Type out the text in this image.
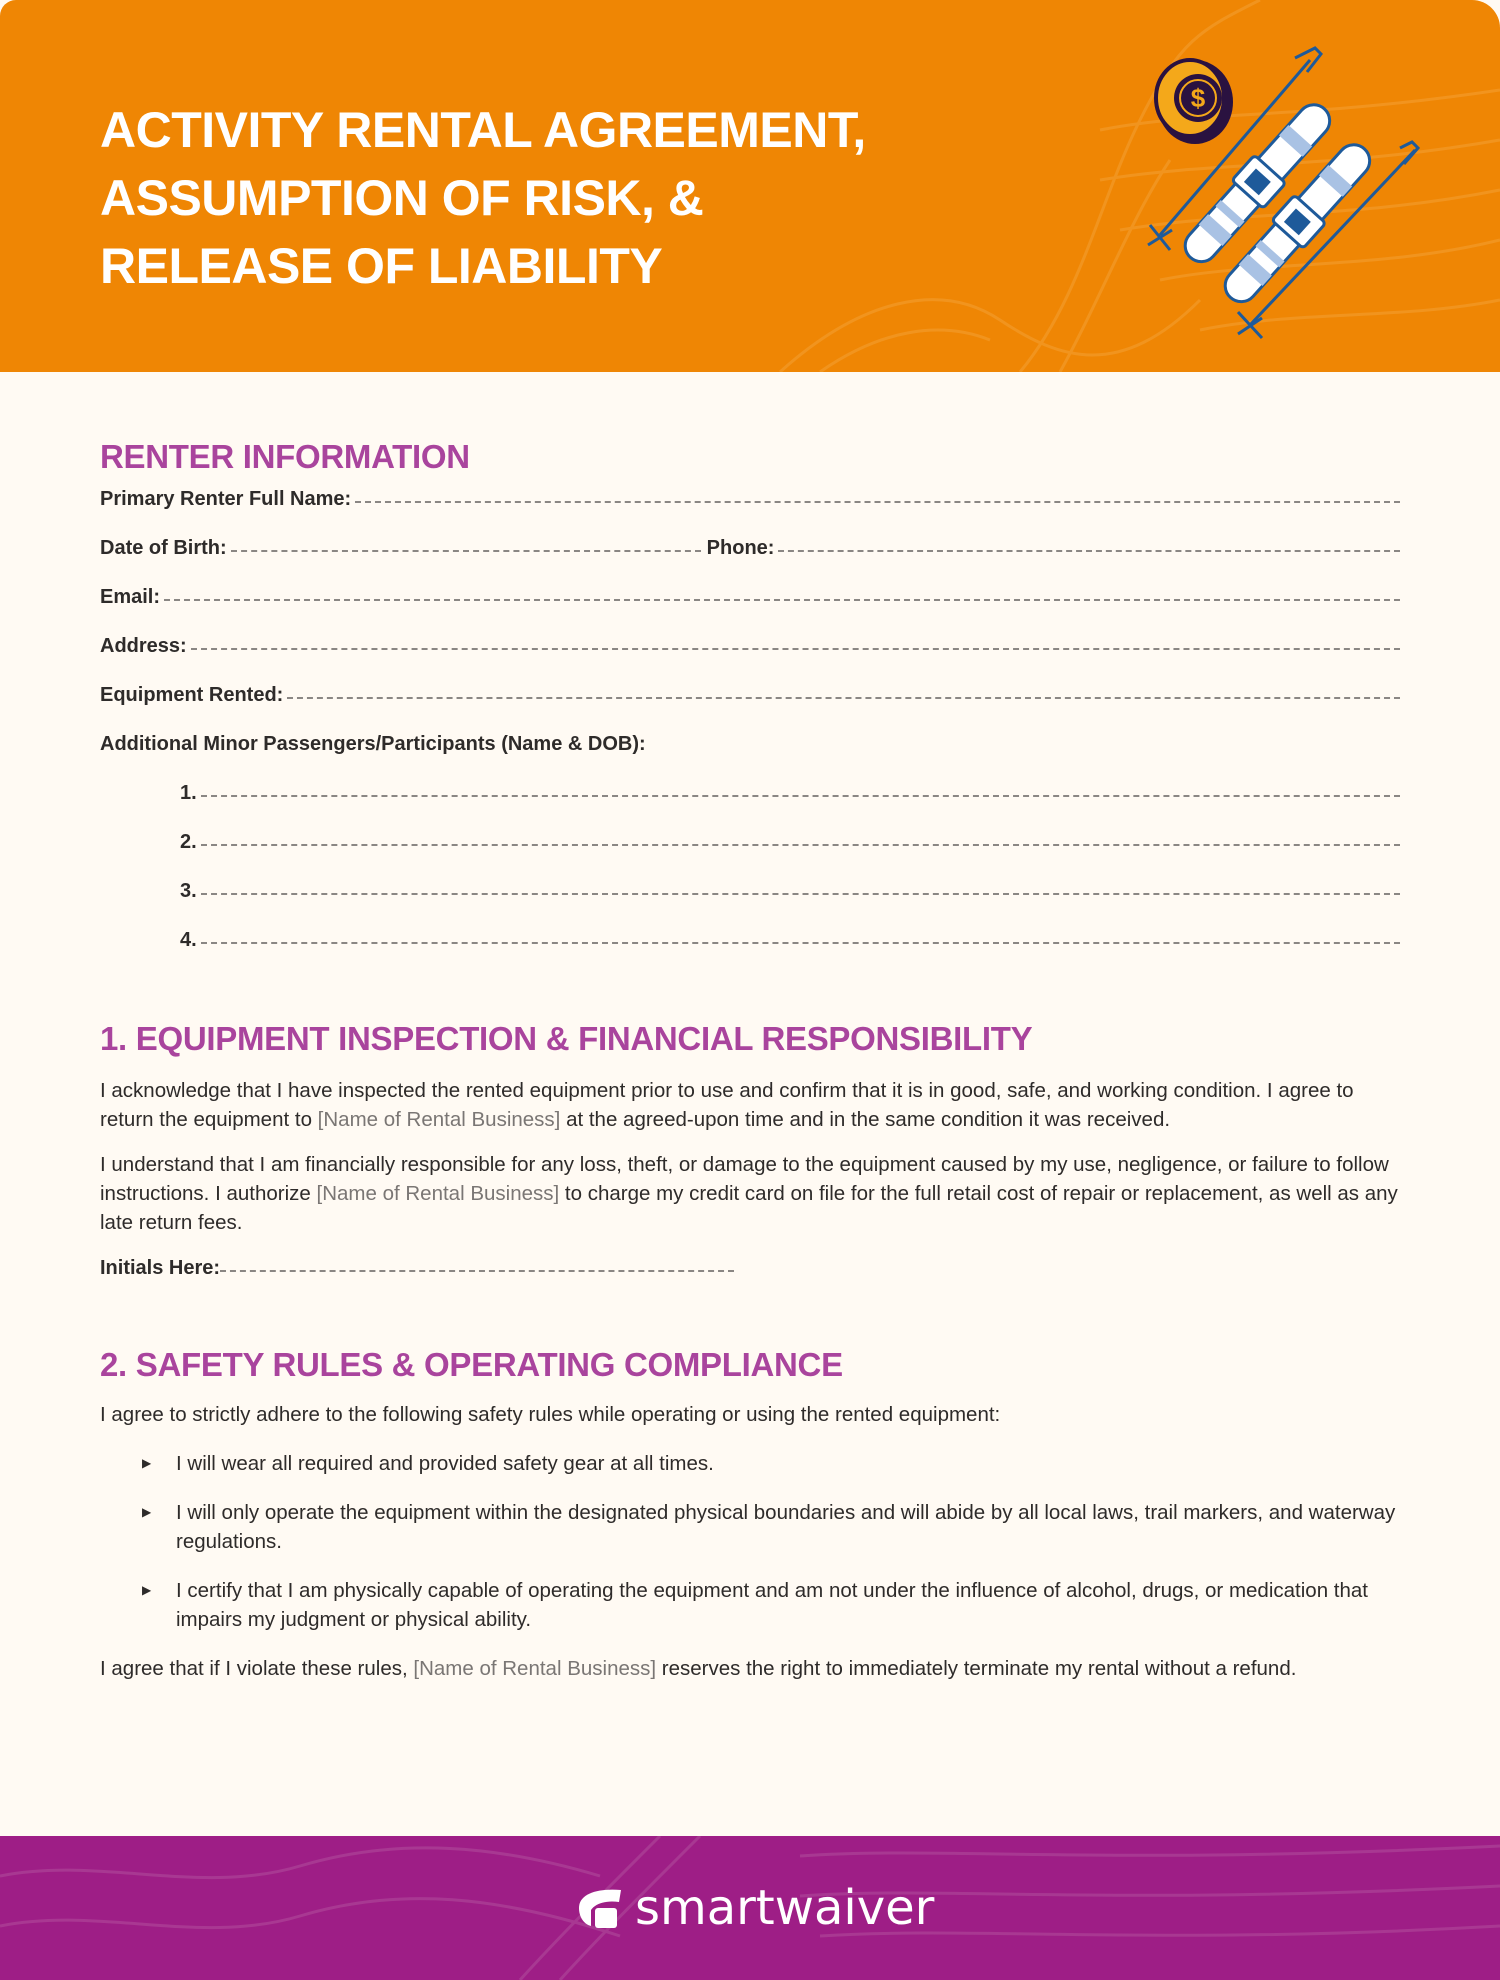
ACTIVITY RENTAL AGREEMENT,
ASSUMPTION OF RISK, &
RELEASE OF LIABILITY
$
RENTER INFORMATION
Primary Renter Full Name:
Date of Birth:	Phone:
Email:
Address:
Equipment Rented:
Additional Minor Passengers/Participants (Name & DOB):
1.
2.
3.
4.
1. EQUIPMENT INSPECTION & FINANCIAL RESPONSIBILITY

I acknowledge that I have inspected the rented equipment prior to use and confirm that it is in good, safe, and working condition. I agree to return the equipment to [Name of Rental Business] at the agreed-upon time and in the same condition it was received.

I understand that I am financially responsible for any loss, theft, or damage to the equipment caused by my use, negligence, or failure to follow instructions. I authorize [Name of Rental Business] to charge my credit card on file for the full retail cost of repair or replacement, as well as any late return fees.

Initials Here:
2. SAFETY RULES & OPERATING COMPLIANCE

I agree to strictly adhere to the following safety rules while operating or using the rented equipment:

▶	I will wear all required and provided safety gear at all times.
▶	I will only operate the equipment within the designated physical boundaries and will abide by all local laws, trail markers, and waterway regulations.
▶	I certify that I am physically capable of operating the equipment and am not under the influence of alcohol, drugs, or medication that impairs my judgment or physical ability.

I agree that if I violate these rules, [Name of Rental Business] reserves the right to immediately terminate my rental without a refund.

smartwaiver
